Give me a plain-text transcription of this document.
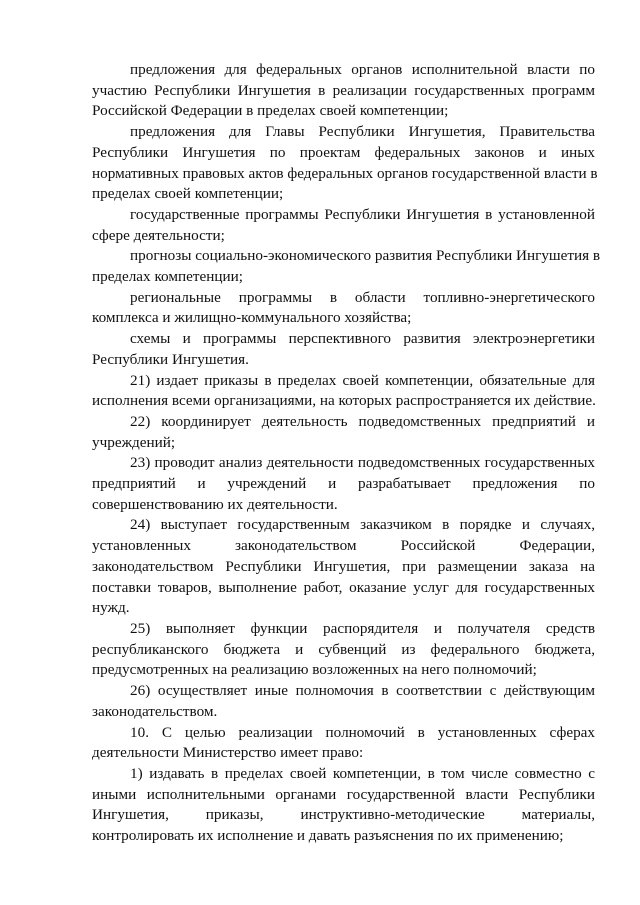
предложения для федеральных органов исполнительной власти по
участию Республики Ингушетия в реализации государственных программ
Российской Федерации в пределах своей компетенции;
предложения для Главы Республики Ингушетия, Правительства
Республики Ингушетия по проектам федеральных законов и иных
нормативных правовых актов федеральных органов государственной власти в
пределах своей компетенции;
государственные программы Республики Ингушетия в установленной
сфере деятельности;
прогнозы социально-экономического развития Республики Ингушетия в
пределах компетенции;
региональные программы в области топливно-энергетического
комплекса и жилищно-коммунального хозяйства;
схемы и программы перспективного развития электроэнергетики
Республики Ингушетия.
21) издает приказы в пределах своей компетенции, обязательные для
исполнения всеми организациями, на которых распространяется их действие.
22) координирует деятельность подведомственных предприятий и
учреждений;
23) проводит анализ деятельности подведомственных государственных
предприятий и учреждений и разрабатывает предложения по
совершенствованию их деятельности.
24) выступает государственным заказчиком в порядке и случаях,
установленных законодательством Российской Федерации,
законодательством Республики Ингушетия, при размещении заказа на
поставки товаров, выполнение работ, оказание услуг для государственных
нужд.
25) выполняет функции распорядителя и получателя средств
республиканского бюджета и субвенций из федерального бюджета,
предусмотренных на реализацию возложенных на него полномочий;
26) осуществляет иные полномочия в соответствии с действующим
законодательством.
10. С целью реализации полномочий в установленных сферах
деятельности Министерство имеет право:
1) издавать в пределах своей компетенции, в том числе совместно с
иными исполнительными органами государственной власти Республики
Ингушетия, приказы, инструктивно-методические материалы,
контролировать их исполнение и давать разъяснения по их применению;
